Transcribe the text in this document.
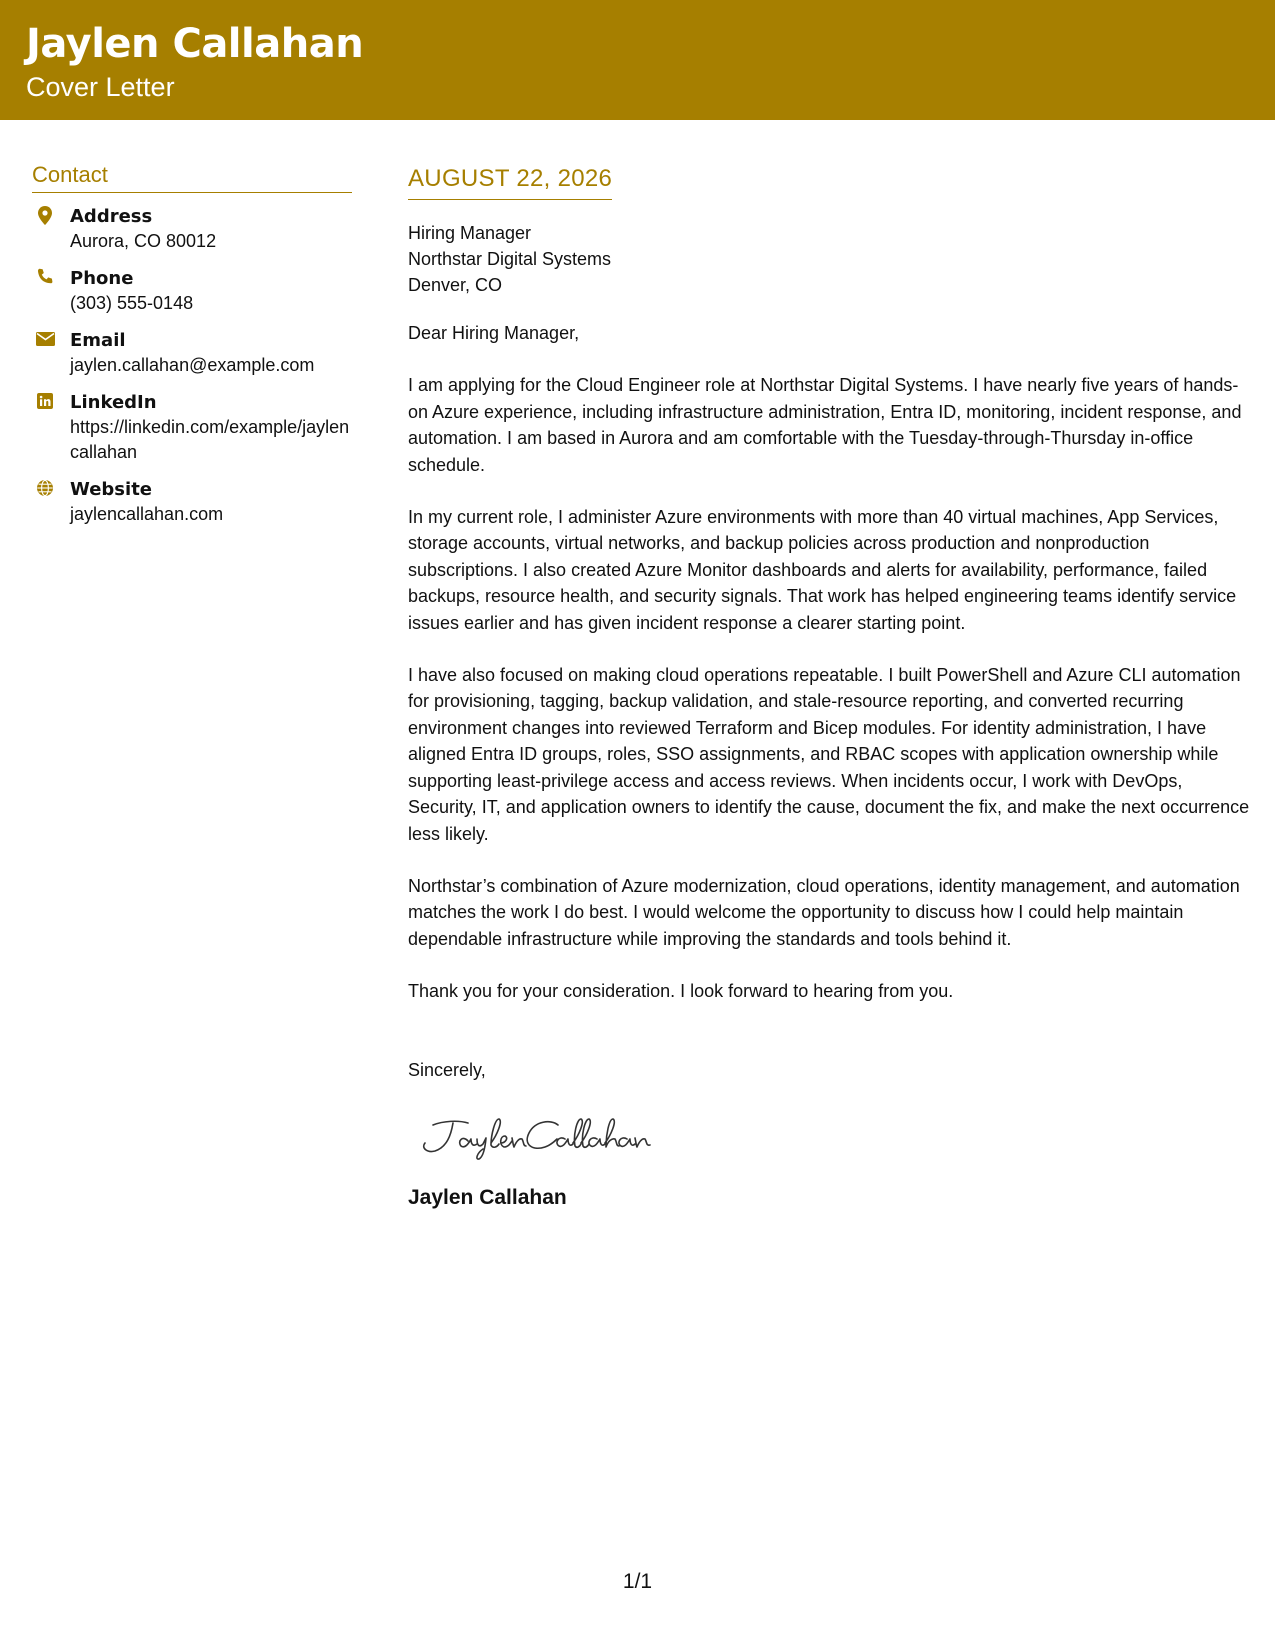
Jaylen Callahan
Cover Letter
Contact
Address
Aurora, CO 80012
Phone
(303) 555-0148
Email
jaylen.callahan@example.com
LinkedIn
https://linkedin.com/example/jaylencallahan
Website
jaylencallahan.com
AUGUST 22, 2026
Hiring Manager
Northstar Digital Systems
Denver, CO

Dear Hiring Manager,

I am applying for the Cloud Engineer role at Northstar Digital Systems. I have nearly five years of hands-on Azure experience, including infrastructure administration, Entra ID, monitoring, incident response, and automation. I am based in Aurora and am comfortable with the Tuesday-through-Thursday in-office schedule.

In my current role, I administer Azure environments with more than 40 virtual machines, App Services, storage accounts, virtual networks, and backup policies across production and nonproduction subscriptions. I also created Azure Monitor dashboards and alerts for availability, performance, failed backups, resource health, and security signals. That work has helped engineering teams identify service issues earlier and has given incident response a clearer starting point.

I have also focused on making cloud operations repeatable. I built PowerShell and Azure CLI automation for provisioning, tagging, backup validation, and stale-resource reporting, and converted recurring environment changes into reviewed Terraform and Bicep modules. For identity administration, I have aligned Entra ID groups, roles, SSO assignments, and RBAC scopes with application ownership while supporting least-privilege access and access reviews. When incidents occur, I work with DevOps, Security, IT, and application owners to identify the cause, document the fix, and make the next occurrence less likely.

Northstar’s combination of Azure modernization, cloud operations, identity management, and automation matches the work I do best. I would welcome the opportunity to discuss how I could help maintain dependable infrastructure while improving the standards and tools behind it.

Thank you for your consideration. I look forward to hearing from you.

Sincerely,

Jaylen Callahan
1/1
